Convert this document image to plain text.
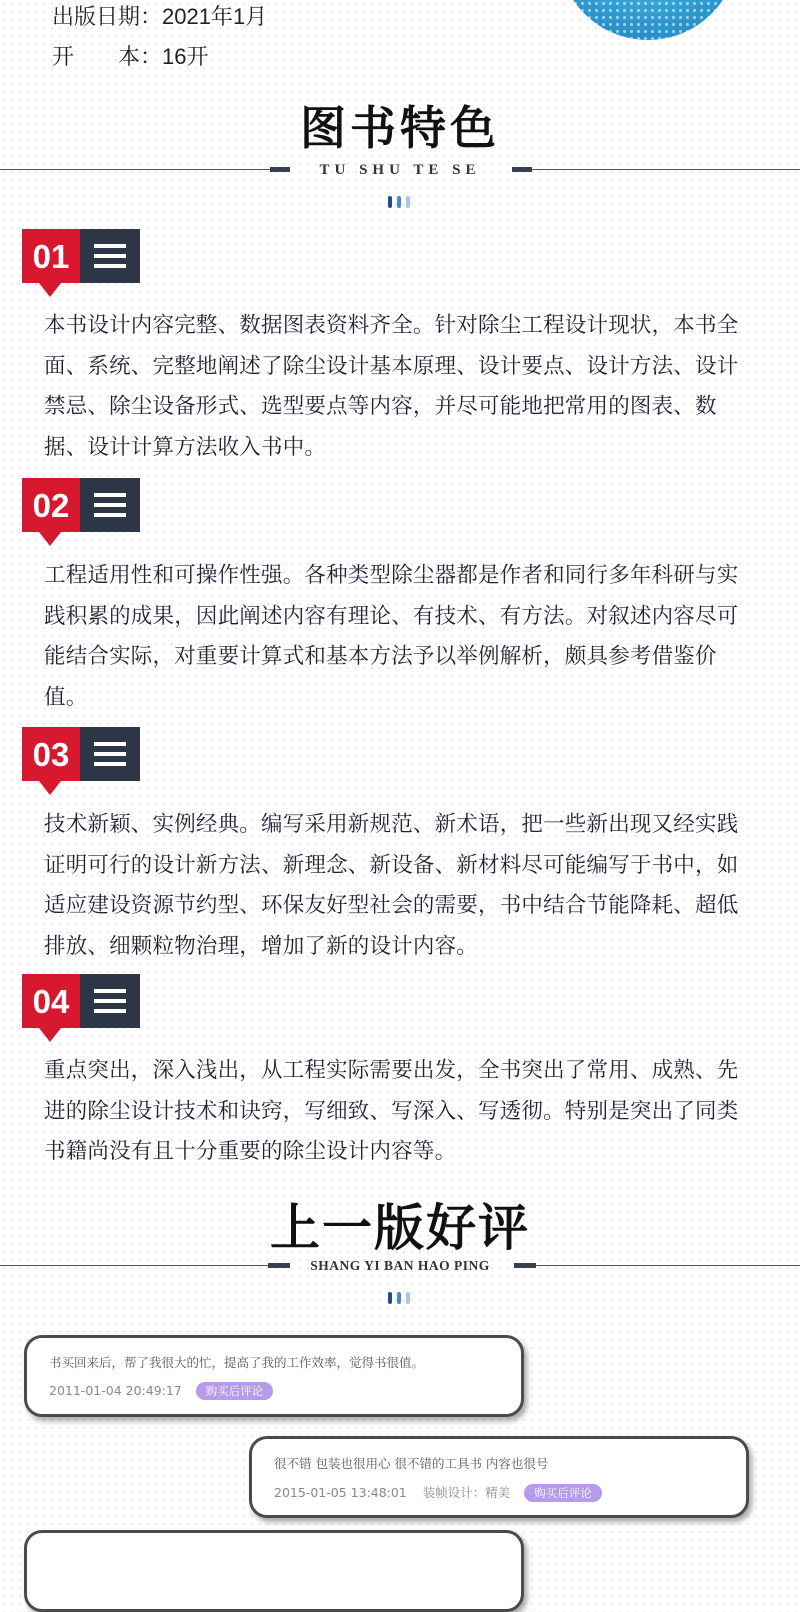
出版日期：2021年1月
开　　本：16开
图书特色
TU SHU TE SE
01
本书设计内容完整、数据图表资料齐全。针对除尘工程设计现状，本书全面、系统、完整地阐述了除尘设计基本原理、设计要点、设计方法、设计禁忌、除尘设备形式、选型要点等内容，并尽可能地把常用的图表、数据、设计计算方法收入书中。
02
工程适用性和可操作性强。各种类型除尘器都是作者和同行多年科研与实践积累的成果，因此阐述内容有理论、有技术、有方法。对叙述内容尽可能结合实际，对重要计算式和基本方法予以举例解析，颇具参考借鉴价值。
03
技术新颖、实例经典。编写采用新规范、新术语，把一些新出现又经实践证明可行的设计新方法、新理念、新设备、新材料尽可能编写于书中，如适应建设资源节约型、环保友好型社会的需要，书中结合节能降耗、超低排放、细颗粒物治理，增加了新的设计内容。
04
重点突出，深入浅出，从工程实际需要出发，全书突出了常用、成熟、先进的除尘设计技术和诀窍，写细致、写深入、写透彻。特别是突出了同类书籍尚没有且十分重要的除尘设计内容等。
上一版好评
SHANG YI BAN HAO PING
书买回来后，帮了我很大的忙，提高了我的工作效率，觉得书很值。
2011-01-04 20:49:17 购买后评论
很不错 包装也很用心 很不错的工具书 内容也很号
2015-01-05 13:48:01 装帧设计：精美 购买后评论
